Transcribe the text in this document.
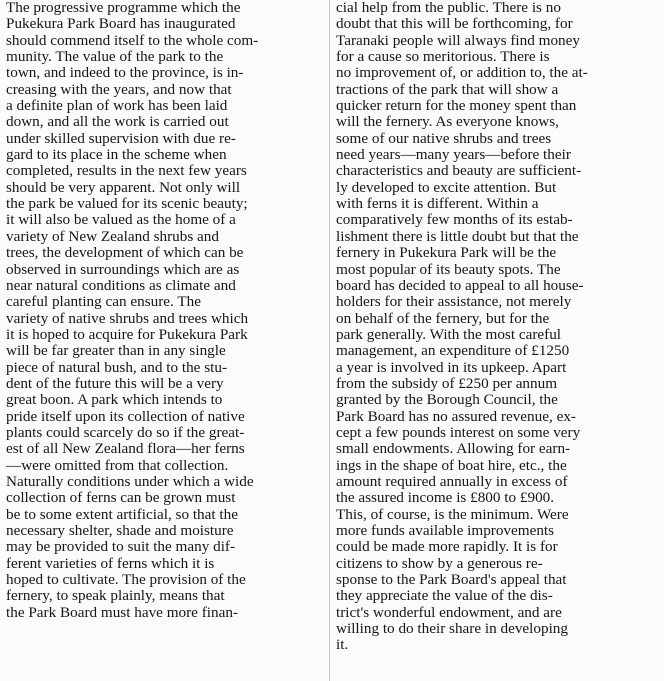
The progressive programme which the
Pukekura Park Board has inaugurated
should commend itself to the whole com-
munity. The value of the park to the
town, and indeed to the province, is in-
creasing with the years, and now that
a definite plan of work has been laid
down, and all the work is carried out
under skilled supervision with due re-
gard to its place in the scheme when
completed, results in the next few years
should be very apparent. Not only will
the park be valued for its scenic beauty;
it will also be valued as the home of a
variety of New Zealand shrubs and
trees, the development of which can be
observed in surroundings which are as
near natural conditions as climate and
careful planting can ensure. The
variety of native shrubs and trees which
it is hoped to acquire for Pukekura Park
will be far greater than in any single
piece of natural bush, and to the stu-
dent of the future this will be a very
great boon. A park which intends to
pride itself upon its collection of native
plants could scarcely do so if the great-
est of all New Zealand flora—her ferns
—were omitted from that collection.
Naturally conditions under which a wide
collection of ferns can be grown must
be to some extent artificial, so that the
necessary shelter, shade and moisture
may be provided to suit the many dif-
ferent varieties of ferns which it is
hoped to cultivate. The provision of the
fernery, to speak plainly, means that
the Park Board must have more finan-
cial help from the public. There is no
doubt that this will be forthcoming, for
Taranaki people will always find money
for a cause so meritorious. There is
no improvement of, or addition to, the at-
tractions of the park that will show a
quicker return for the money spent than
will the fernery. As everyone knows,
some of our native shrubs and trees
need years—many years—before their
characteristics and beauty are sufficient-
ly developed to excite attention. But
with ferns it is different. Within a
comparatively few months of its estab-
lishment there is little doubt but that the
fernery in Pukekura Park will be the
most popular of its beauty spots. The
board has decided to appeal to all house-
holders for their assistance, not merely
on behalf of the fernery, but for the
park generally. With the most careful
management, an expenditure of £1250
a year is involved in its upkeep. Apart
from the subsidy of £250 per annum
granted by the Borough Council, the
Park Board has no assured revenue, ex-
cept a few pounds interest on some very
small endowments. Allowing for earn-
ings in the shape of boat hire, etc., the
amount required annually in excess of
the assured income is £800 to £900.
This, of course, is the minimum. Were
more funds available improvements
could be made more rapidly. It is for
citizens to show by a generous re-
sponse to the Park Board's appeal that
they appreciate the value of the dis-
trict's wonderful endowment, and are
willing to do their share in developing
it.
